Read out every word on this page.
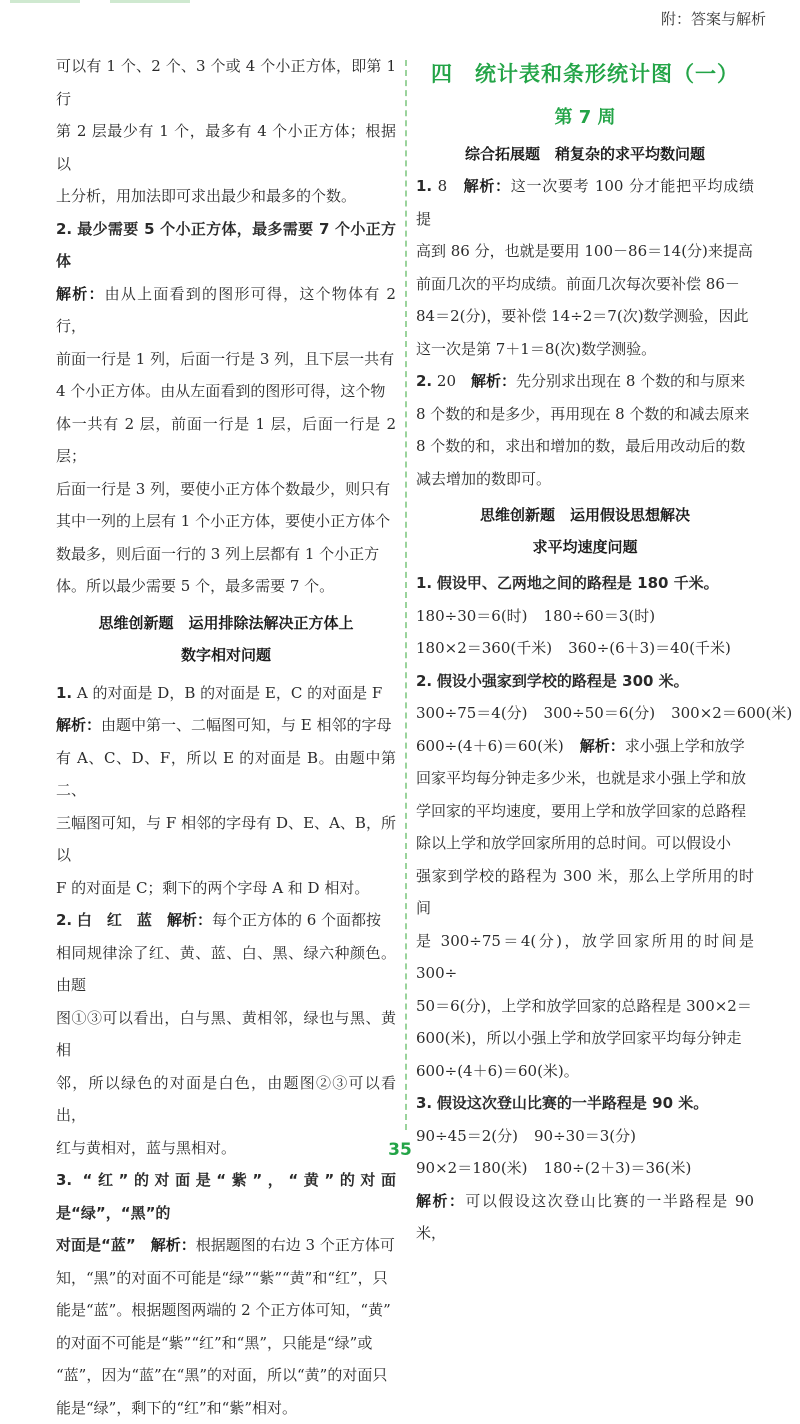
附：答案与解析

可以有 1 个、2 个、3 个或 4 个小正方体，即第 1 行

第 2 层最少有 1 个，最多有 4 个小正方体；根据以

上分析，用加法即可求出最少和最多的个数。

2. 最少需要 5 个小正方体，最多需要 7 个小正方体

解析：由从上面看到的图形可得，这个物体有 2 行，

前面一行是 1 列，后面一行是 3 列，且下层一共有

4 个小正方体。由从左面看到的图形可得，这个物

体一共有 2 层，前面一行是 1 层，后面一行是 2 层；

后面一行是 3 列，要使小正方体个数最少，则只有

其中一列的上层有 1 个小正方体，要使小正方体个

数最多，则后面一行的 3 列上层都有 1 个小正方

体。所以最少需要 5 个，最多需要 7 个。

思维创新题　运用排除法解决正方体上

数字相对问题

1. A 的对面是 D，B 的对面是 E，C 的对面是 F

解析：由题中第一、二幅图可知，与 E 相邻的字母

有 A、C、D、F，所以 E 的对面是 B。由题中第二、

三幅图可知，与 F 相邻的字母有 D、E、A、B，所以

F 的对面是 C；剩下的两个字母 A 和 D 相对。

2. 白　红　蓝　 解析：每个正方体的 6 个面都按

相同规律涂了红、黄、蓝、白、黑、绿六种颜色。由题

图①③可以看出，白与黑、黄相邻，绿也与黑、黄相

邻，所以绿色的对面是白色，由题图②③可以看出，

红与黄相对，蓝与黑相对。

3. “红”的对面是“紫”，“黄”的对面是“绿”，“黑”的

对面是“蓝”　 解析：根据题图的右边 3 个正方体可

知，“黑”的对面不可能是“绿”“紫”“黄”和“红”，只

能是“蓝”。根据题图两端的 2 个正方体可知，“黄”

的对面不可能是“紫”“红”和“黑”，只能是“绿”或

“蓝”，因为“蓝”在“黑”的对面，所以“黄”的对面只

能是“绿”，剩下的“红”和“紫”相对。

四　统计表和条形统计图（一）

第 7 周

综合拓展题　稍复杂的求平均数问题

1. 8　 解析：这一次要考 100 分才能把平均成绩提

高到 86 分，也就是要用 100－86＝14(分)来提高

前面几次的平均成绩。前面几次每次要补偿 86－

84＝2(分)，要补偿 14÷2＝7(次)数学测验，因此

这一次是第 7＋1＝8(次)数学测验。

2. 20　 解析：先分别求出现在 8 个数的和与原来

8 个数的和是多少，再用现在 8 个数的和减去原来

8 个数的和，求出和增加的数，最后用改动后的数

减去增加的数即可。

思维创新题　运用假设思想解决

求平均速度问题

1. 假设甲、乙两地之间的路程是 180 千米。

180÷30＝6(时) 180÷60＝3(时)

180×2＝360(千米) 360÷(6＋3)＝40(千米)

2. 假设小强家到学校的路程是 300 米。

300÷75＝4(分) 300÷50＝6(分) 300×2＝600(米)

600÷(4＋6)＝60(米) 解析：求小强上学和放学

回家平均每分钟走多少米，也就是求小强上学和放

学回家的平均速度，要用上学和放学回家的总路程

除以上学和放学回家所用的总时间。可以假设小

强家到学校的路程为 300 米，那么上学所用的时间

是 300÷75＝4(分)，放学回家所用的时间是 300÷

50＝6(分)，上学和放学回家的总路程是 300×2＝

600(米)，所以小强上学和放学回家平均每分钟走

600÷(4＋6)＝60(米)。

3. 假设这次登山比赛的一半路程是 90 米。

90÷45＝2(分) 90÷30＝3(分)

90×2＝180(米) 180÷(2＋3)＝36(米)

解析：可以假设这次登山比赛的一半路程是 90 米，

35
